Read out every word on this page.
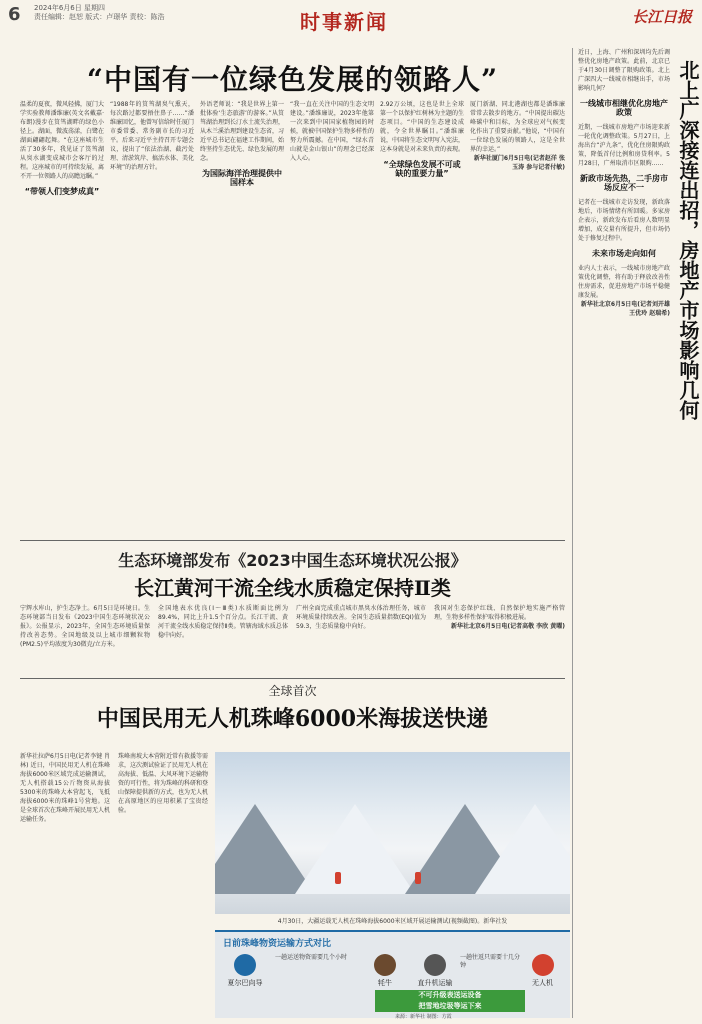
6 2024年6月6日 星期四
责任编辑：赵恕 版式：卢璟华 责校：陈浩	时事新闻	长江日报
“中国有一位绿色发展的领路人”

温柔的夏夜，微风轻拂，厦门大学实验教师潘维廉(英文名戴嘉·布朗)漫步在筼筜湖畔的绿色小径上。湖面，微波荡漾，白鹭在湖面翩翩起舞。“在这座城市生活了30多年，我见证了筼筜湖从臭水湖变成城市会客厅的过程。这座城市的可持续发展，离不开一位领路人的高瞻远瞩。”

“带领人们变梦成真”

“1988年的筼筜湖臭气熏天，每次路过都要捂住鼻子……”潘维廉回忆，他曾写信给时任厦门市委常委、常务副市长的习近平。后来习近平主持召开专题会议，提出了“依法治湖、截污处理、清淤筑岸、搞活水体、美化环境”的治理方针。

外语老师说：“我是世界上第一批体验‘生态旅游’的游客。”从筼筜湖治理到长汀水土流失治理，从木兰溪治理到建设生态省，习近平总书记在福建工作期间，始终坚持生态优先、绿色发展的理念。

为国际海洋治理提供中国样本

“我一直在关注中国的生态文明建设。”潘维廉说，2023年他第一次来到中国国家植物园的时候，就被中国保护生物多样性的努力所震撼。在中国，“绿水青山就是金山银山”的理念已经深入人心。

2.92万公顷，这也是世上全球第一个以保护红树林为主题的生态项目。“中国的生态建设成就，令全世界瞩目。”潘维廉说，中国将生态文明写入宪法，这本身就是对未来负责的表现。

“全球绿色发展不可或缺的重要力量”

厦门新湖、同北港湖也都是潘维廉常常去散步的地方。“中国提出碳达峰碳中和目标，为全球应对气候变化作出了重要贡献。”他说，“中国有一位绿色发展的领路人，这是全世界的幸运。”

新华社厦门6月5日电(记者赵洋 张玉涛 参与记者付敏)

生态环境部发布《2023中国生态环境状况公报》
长江黄河干流全线水质稳定保持Ⅱ类

宁辉水库山，护生态净土。6月5日是环境日。生态环境部当日发布《2023中国生态环境状况公报》。公报显示，2023年，全国生态环境质量保持改善态势。全国地级及以上城市细颗粒物(PM2.5)平均浓度为30微克/立方米。

全国地表水优良(Ⅰ～Ⅲ类)水质断面比例为89.4%，同比上升1.5个百分点。长江干流、黄河干流全线水质稳定保持Ⅱ类。管辖海域水质总体稳中向好。

广州全面完成重点城市黑臭水体治理任务，城市环境质量持续改善。全国生态质量指数(EQI)值为59.3，生态质量稳中向好。

我国对生态保护红线、自然保护地实施严格管理，生物多样性保护取得积极进展。

新华社北京6月5日电(记者高敬 李欣 黄曜)

全球首次
中国民用无人机珠峰6000米海拔送快递

新华社拉萨6月5日电(记者李键 肖林) 近日，中国民用无人机在珠峰海拔6000米区域完成运输测试，无人机搭载15公斤物资从海拔5300米的珠峰大本营起飞，飞抵海拔6000米的珠峰1号营地。这是全球首次在珠峰开展民用无人机运输任务。

珠峰南坡大本营附近常有救援等需求，这次测试验证了民用无人机在高海拔、低温、大风环境下运输物资的可行性，将为珠峰的科研和登山保障提供新的方式，也为无人机在高原地区的应用积累了宝贵经验。

4月30日，大疆运载无人机在珠峰海拔6000米区域开展运输测试(视频截图)。新华社发
日前珠峰物资运输方式对比
夏尔巴向导
一趟运送物资需要几个小时
牦牛	直升机运输
一趟往返只需要十几分钟
无人机
不可升级表送运设备
把雪地垃圾等运下来
来源：新华社 制图：方霞

近日，上海、广州和深圳均先后调整优化房地产政策。此前，北京已于4月30日调整了限购政策。北上广深四大一线城市相继出手，市场影响几何？

一线城市相继优化房地产政策

近期，一线城市房地产市场迎来新一轮优化调整政策。5月27日，上海出台“沪九条”，优化住房限购政策，降低首付比例和房贷利率。5月28日，广州取消市区限购……

新政市场先热，二手房市场反应不一

记者在一线城市走访发现，新政落地后，市场情绪有所回暖。多家房企表示，新政发布后看房人数明显增加，成交量有所提升，但市场仍处于修复过程中。

未来市场走向如何

业内人士表示，一线城市房地产政策优化调整，将有助于释放改善性住房需求，促进房地产市场平稳健康发展。

新华社北京6月5日电(记者刘开雄 王优玲 赵瑞希) 北上广深接连出招，房地产市场影响几何
